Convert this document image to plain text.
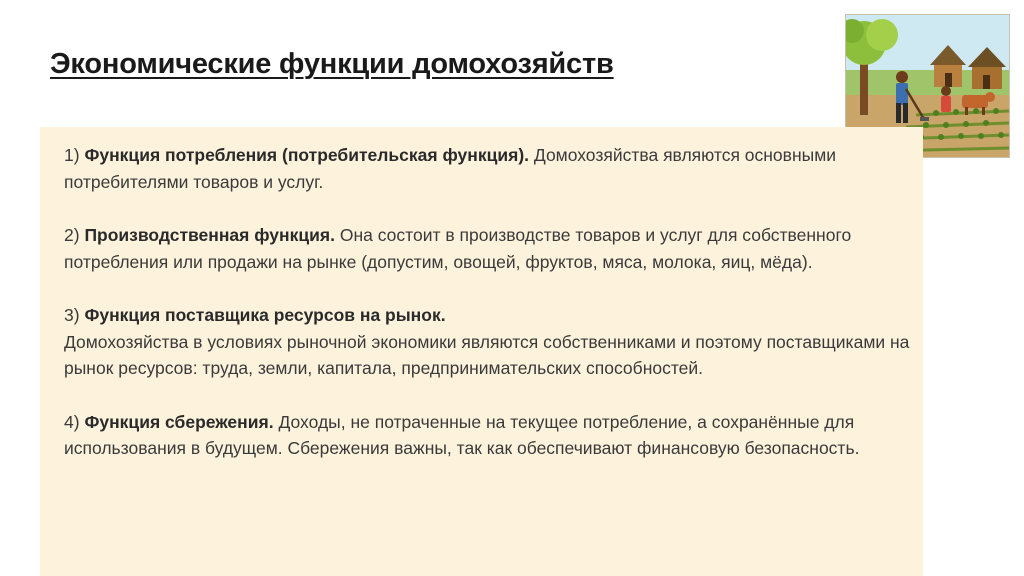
Экономические функции домохозяйств

1) Функция потребления (потребительская функция). Домохозяйства являются основными потребителями товаров и услуг.

2) Производственная функция. Она состоит в производстве товаров и услуг для собственного потребления или продажи на рынке (допустим, овощей, фруктов, мяса, молока, яиц, мёда).

3) Функция поставщика ресурсов на рынок.
Домохозяйства в условиях рыночной экономики являются собственниками и поэтому поставщиками на рынок ресурсов: труда, земли, капитала, предпринимательских способностей.

4) Функция сбережения. Доходы, не потраченные на текущее потребление, а сохранённые для использования в будущем. Сбережения важны, так как обеспечивают финансовую безопасность.
